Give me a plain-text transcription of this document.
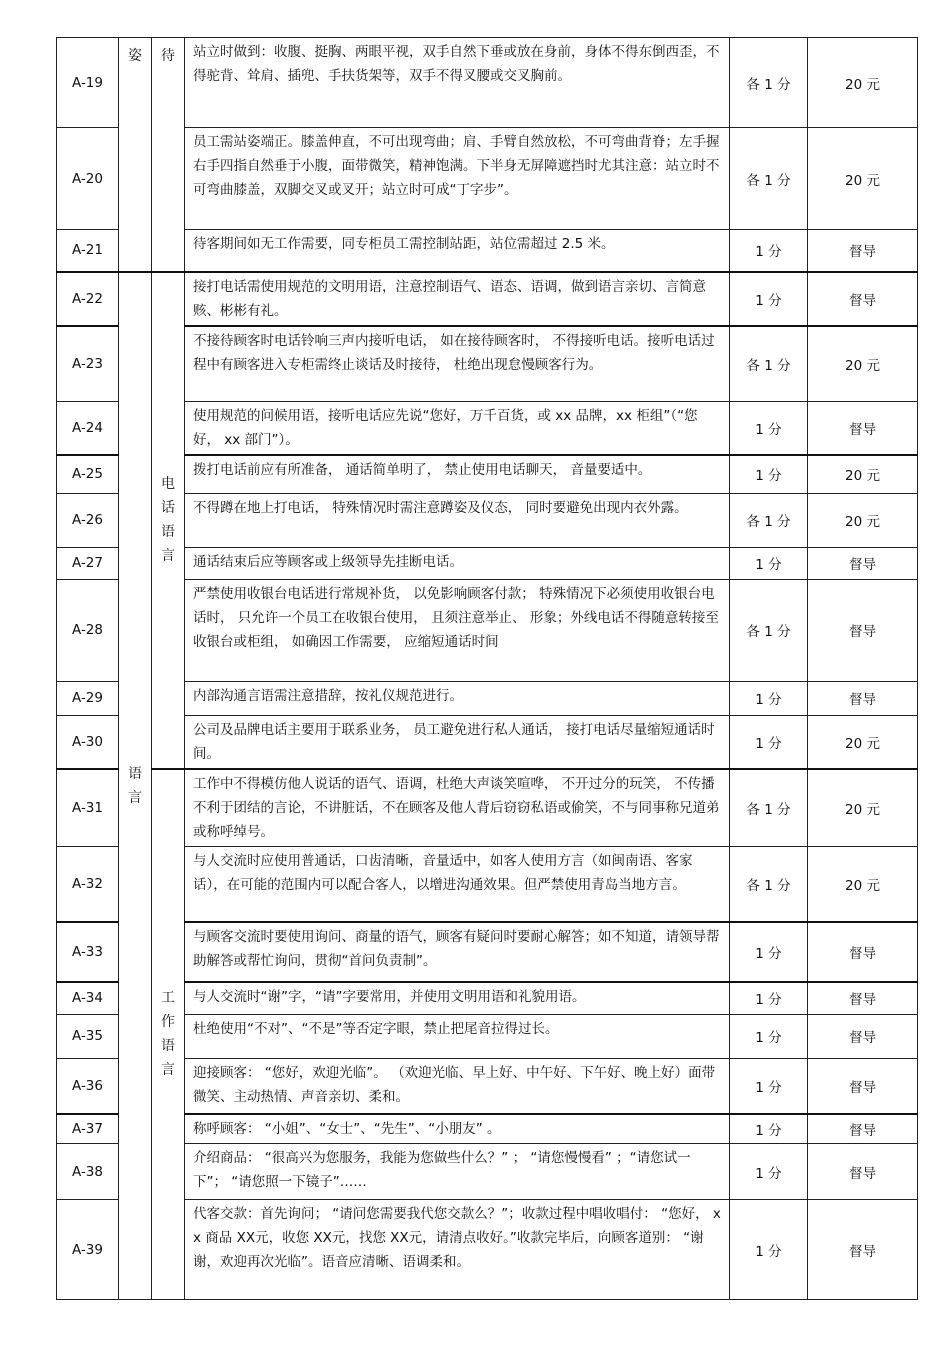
A-19	姿	待	站立时做到：收腹、挺胸、两眼平视，双手自然下垂或放在身前，身体不得东倒西歪，不得驼背、耸肩、插兜、手扶货架等，双手不得叉腰或交叉胸前。	各 1 分	20 元
A-20			员工需站姿端正。膝盖伸直，不可出现弯曲；肩、手臂自然放松，不可弯曲背脊；左手握右手四指自然垂于小腹，面带微笑，精神饱满。下半身无屏障遮挡时尤其注意：站立时不可弯曲膝盖，双脚交叉或叉开；站立时可成“丁字步”。	各 1 分	20 元
A-21			待客期间如无工作需要，同专柜员工需控制站距，站位需超过 2.5 米。	1 分	督导
A-22	语言	电话语言	接打电话需使用规范的文明用语，注意控制语气、语态、语调，做到语言亲切、言简意赅、彬彬有礼。	1 分	督导
A-23			不接待顾客时电话铃响三声内接听电话， 如在接待顾客时， 不得接听电话。接听电话过程中有顾客进入专柜需终止谈话及时接待， 杜绝出现怠慢顾客行为。	各 1 分	20 元
A-24			使用规范的问候用语，接听电话应先说“您好，万千百货，或 xx 品牌，xx 柜组”（“您好， xx 部门”）。	1 分	督导
A-25			拨打电话前应有所准备， 通话简单明了， 禁止使用电话聊天， 音量要适中。	1 分	20 元
A-26			不得蹲在地上打电话， 特殊情况时需注意蹲姿及仪态， 同时要避免出现内衣外露。	各 1 分	20 元
A-27			通话结束后应等顾客或上级领导先挂断电话。	1 分	督导
A-28			严禁使用收银台电话进行常规补货， 以免影响顾客付款； 特殊情况下必须使用收银台电话时， 只允许一个员工在收银台使用， 且须注意举止、 形象；外线电话不得随意转接至收银台或柜组， 如确因工作需要， 应缩短通话时间	各 1 分	督导
A-29			内部沟通言语需注意措辞，按礼仪规范进行。	1 分	督导
A-30			公司及品牌电话主要用于联系业务， 员工避免进行私人通话， 接打电话尽量缩短通话时间。	1 分	20 元
A-31		工作语言	工作中不得模仿他人说话的语气、语调，杜绝大声谈笑喧哗， 不开过分的玩笑， 不传播不利于团结的言论，不讲脏话，不在顾客及他人背后窃窃私语或偷笑，不与同事称兄道弟或称呼绰号。	各 1 分	20 元
A-32			与人交流时应使用普通话，口齿清晰，音量适中，如客人使用方言（如闽南语、客家话），在可能的范围内可以配合客人，以增进沟通效果。但严禁使用青岛当地方言。	各 1 分	20 元
A-33			与顾客交流时要使用询问、商量的语气，顾客有疑问时要耐心解答；如不知道，请领导帮助解答或帮忙询问，贯彻“首问负责制”。	1 分	督导
A-34			与人交流时“谢”字，“请”字要常用，并使用文明用语和礼貌用语。	1 分	督导
A-35			杜绝使用“不对”、“不是”等否定字眼，禁止把尾音拉得过长。	1 分	督导
A-36			迎接顾客： “您好，欢迎光临”。 （欢迎光临、早上好、中午好、下午好、晚上好）面带微笑、主动热情、声音亲切、柔和。	1 分	督导
A-37			称呼顾客： “小姐”、“女士”、“先生”、“小朋友” 。	1 分	督导
A-38			介绍商品： “很高兴为您服务，我能为您做些什么？” ； “请您慢慢看” ；“请您试一下”； “请您照一下镜子”……	1 分	督导
A-39			代客交款：首先询问； “请问您需要我代您交款么？”；收款过程中唱收唱付： “您好， xx 商品 XX元，收您 XX元，找您 XX元，请清点收好。”收款完毕后，向顾客道别： “谢谢，欢迎再次光临”。语音应清晰、语调柔和。	1 分	督导
